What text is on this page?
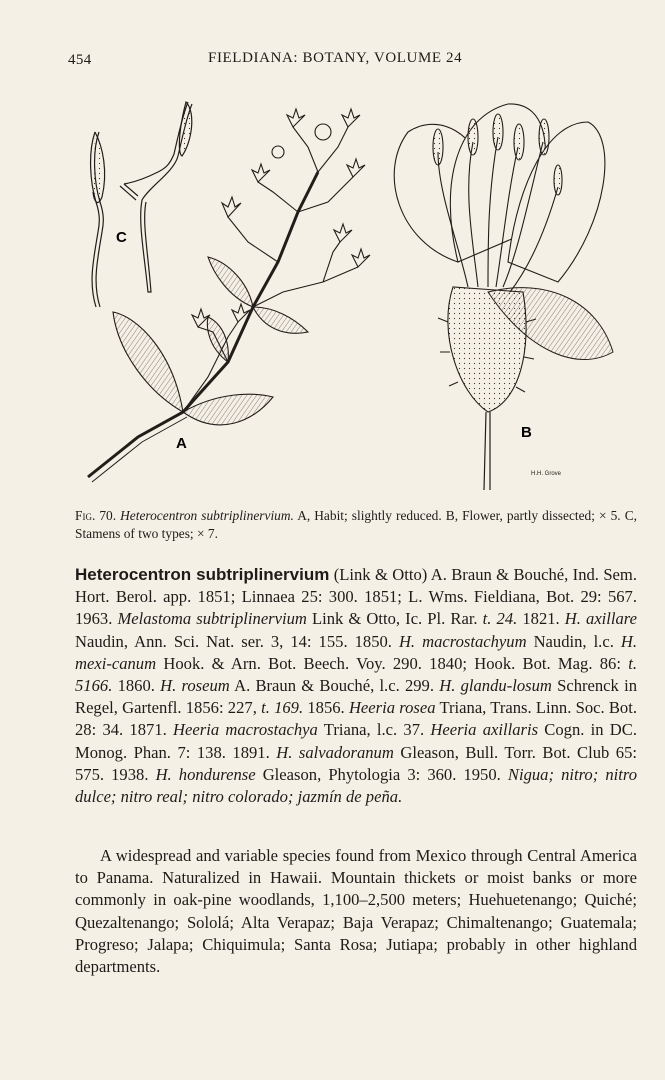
454	FIELDIANA: BOTANY, VOLUME 24
C
A
B
H.H. Grove
Fig. 70. Heterocentron subtriplinervium. A, Habit; slightly reduced. B, Flower, partly dissected; × 5. C, Stamens of two types; × 7.
Heterocentron subtriplinervium (Link & Otto) A. Braun & Bouché, Ind. Sem. Hort. Berol. app. 1851; Linnaea 25: 300. 1851; L. Wms. Fieldiana, Bot. 29: 567. 1963. Melastoma subtriplinervium Link & Otto, Ic. Pl. Rar. t. 24. 1821. H. axillare Naudin, Ann. Sci. Nat. ser. 3, 14: 155. 1850. H. macrostachyum Naudin, l.c. H. mexi-canum Hook. & Arn. Bot. Beech. Voy. 290. 1840; Hook. Bot. Mag. 86: t. 5166. 1860. H. roseum A. Braun & Bouché, l.c. 299. H. glandu-losum Schrenck in Regel, Gartenfl. 1856: 227, t. 169. 1856. Heeria rosea Triana, Trans. Linn. Soc. Bot. 28: 34. 1871. Heeria macrostachya Triana, l.c. 37. Heeria axillaris Cogn. in DC. Monog. Phan. 7: 138. 1891. H. salvadoranum Gleason, Bull. Torr. Bot. Club 65: 575. 1938. H. hondurense Gleason, Phytologia 3: 360. 1950. Nigua; nitro; nitro dulce; nitro real; nitro colorado; jazmín de peña.
A widespread and variable species found from Mexico through Central America to Panama. Naturalized in Hawaii. Mountain thickets or moist banks or more commonly in oak-pine woodlands, 1,100–2,500 meters; Huehuetenango; Quiché; Quezaltenango; Sololá; Alta Verapaz; Baja Verapaz; Chimaltenango; Guatemala; Progreso; Jalapa; Chiquimula; Santa Rosa; Jutiapa; probably in other highland departments.
